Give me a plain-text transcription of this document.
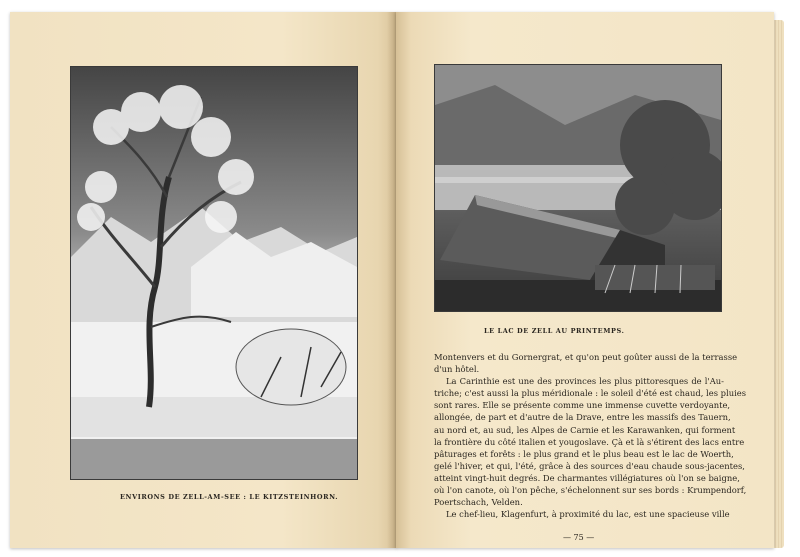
ENVIRONS DE ZELL-AM-SEE : LE KITZSTEINHORN.
LE LAC DE ZELL AU PRINTEMPS.
Montenvers et du Gornergrat, et qu'on peut goûter aussi de la terrasse
d'un hôtel.
La Carinthie est une des provinces les plus pittoresques de l'Au-
triche; c'est aussi la plus méridionale : le soleil d'été est chaud, les pluies
sont rares. Elle se présente comme une immense cuvette verdoyante,
allongée, de part et d'autre de la Drave, entre les massifs des Tauern,
au nord et, au sud, les Alpes de Carnie et les Karawanken, qui forment
la frontière du côté italien et yougoslave. Çà et là s'étirent des lacs entre
pâturages et forêts : le plus grand et le plus beau est le lac de Woerth,
gelé l'hiver, et qui, l'été, grâce à des sources d'eau chaude sous-jacentes,
atteint vingt-huit degrés. De charmantes villégiatures où l'on se baigne,
où l'on canote, où l'on pêche, s'échelonnent sur ses bords : Krumpendorf,
Poertschach, Velden.
Le chef-lieu, Klagenfurt, à proximité du lac, est une spacieuse ville
— 75 —
